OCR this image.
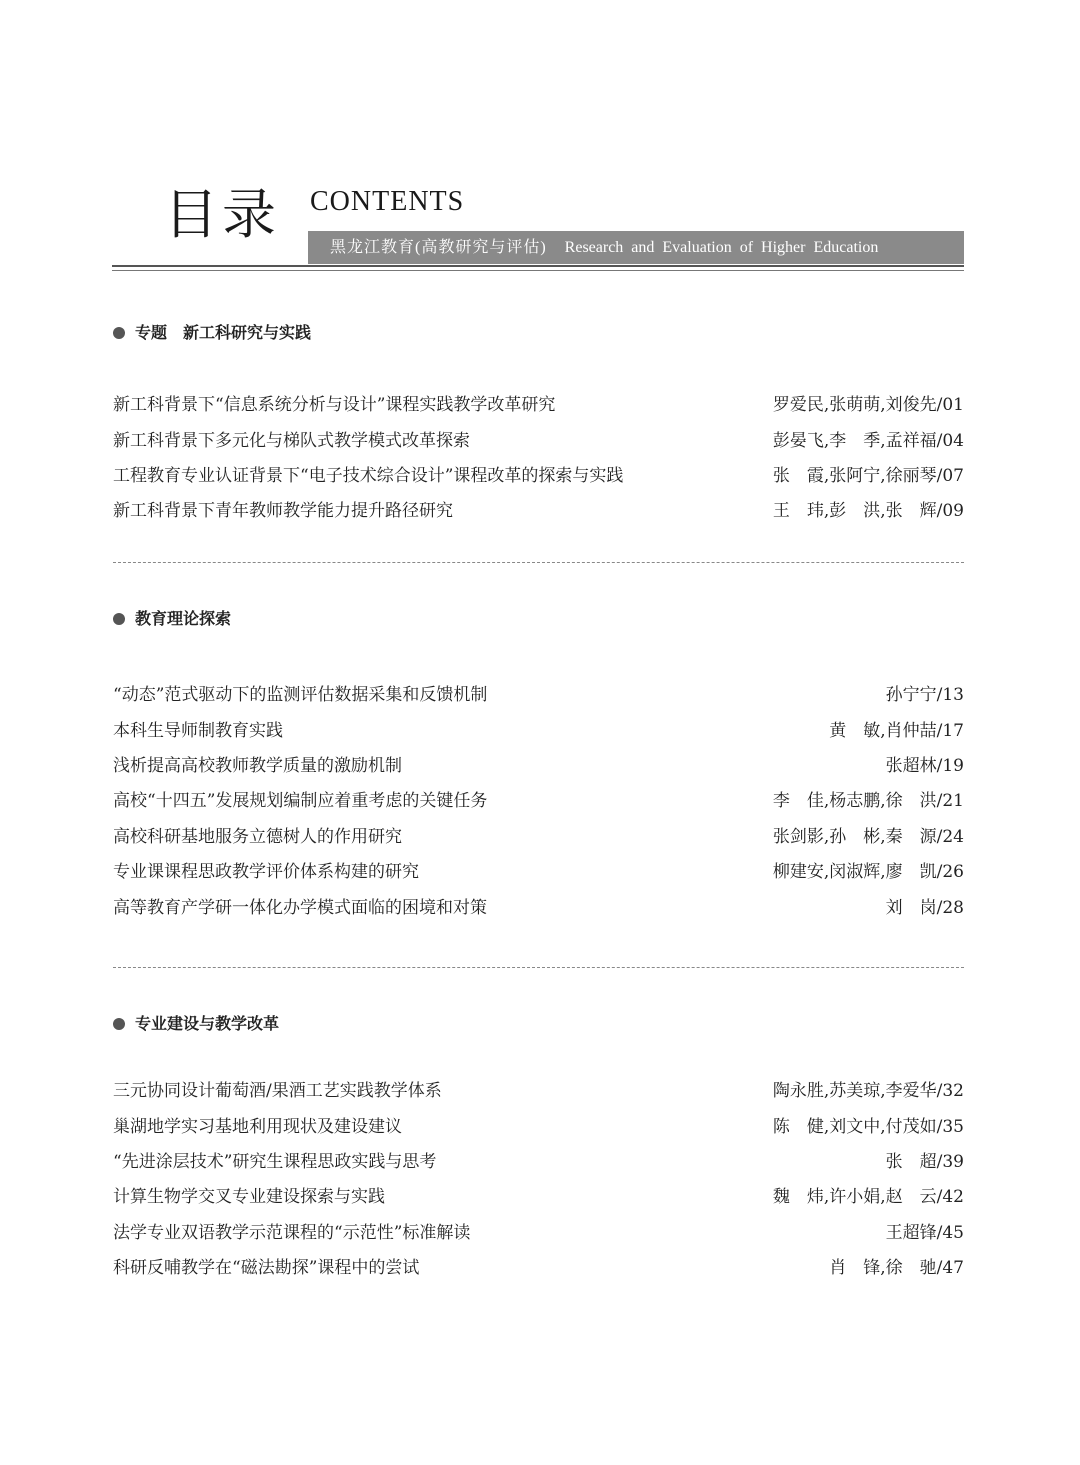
目录 CONTENTS
黑龙江教育(高教研究与评估) Research and Evaluation of Higher Education
专题　新工科研究与实践
新工科背景下“信息系统分析与设计”课程实践教学改革研究	罗爱民,张萌萌,刘俊先/01
新工科背景下多元化与梯队式教学模式改革探索	彭晏飞,李　季,孟祥福/04
工程教育专业认证背景下“电子技术综合设计”课程改革的探索与实践	张　霞,张阿宁,徐丽琴/07
新工科背景下青年教师教学能力提升路径研究	王　玮,彭　洪,张　辉/09
教育理论探索
“动态”范式驱动下的监测评估数据采集和反馈机制	孙宁宁/13
本科生导师制教育实践	黄　敏,肖仲喆/17
浅析提高高校教师教学质量的激励机制	张超林/19
高校“十四五”发展规划编制应着重考虑的关键任务	李　佳,杨志鹏,徐　洪/21
高校科研基地服务立德树人的作用研究	张剑影,孙　彬,秦　源/24
专业课课程思政教学评价体系构建的研究	柳建安,闵淑辉,廖　凯/26
高等教育产学研一体化办学模式面临的困境和对策	刘　岗/28
专业建设与教学改革
三元协同设计葡萄酒/果酒工艺实践教学体系	陶永胜,苏美琼,李爱华/32
巢湖地学实习基地利用现状及建设建议	陈　健,刘文中,付茂如/35
“先进涂层技术”研究生课程思政实践与思考	张　超/39
计算生物学交叉专业建设探索与实践	魏　炜,许小娟,赵　云/42
法学专业双语教学示范课程的“示范性”标准解读	王超锋/45
科研反哺教学在“磁法勘探”课程中的尝试	肖　锋,徐　驰/47
